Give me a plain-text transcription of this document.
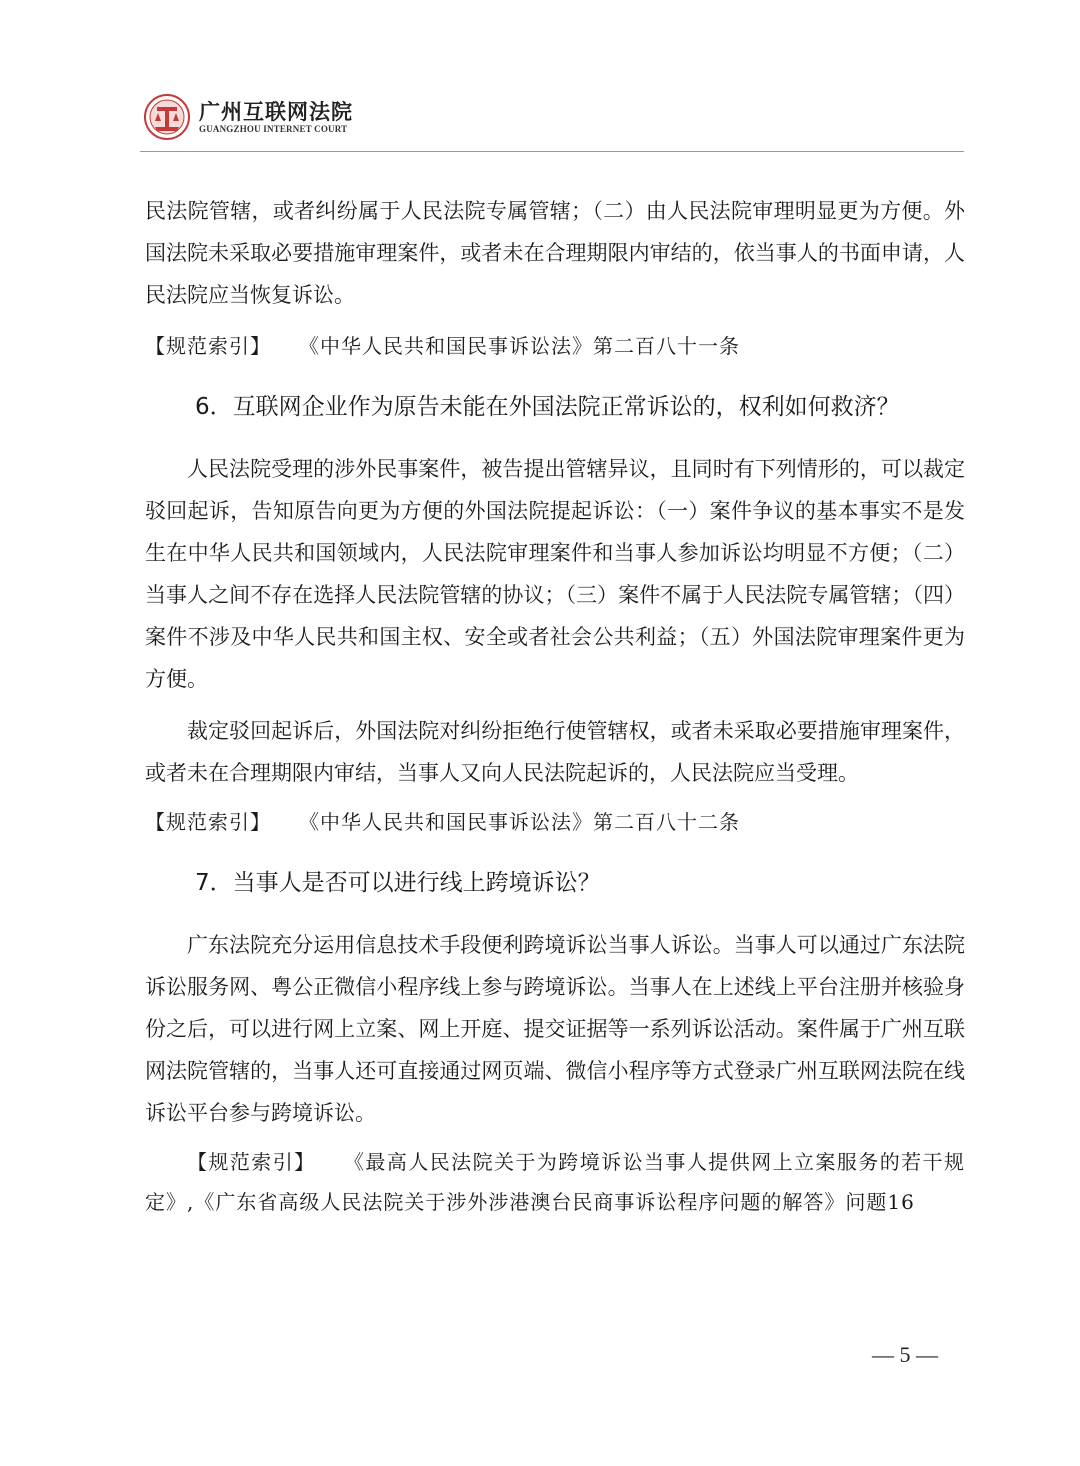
广州互联网法院
GUANGZHOU INTERNET COURT

民法院管辖，或者纠纷属于人民法院专属管辖；（二）由人民法院审理明显更为方便。外国法院未采取必要措施审理案件，或者未在合理期限内审结的，依当事人的书面申请，人民法院应当恢复诉讼。

【规范索引】 《中华人民共和国民事诉讼法》第二百八十一条

6．互联网企业作为原告未能在外国法院正常诉讼的，权利如何救济？

人民法院受理的涉外民事案件，被告提出管辖异议，且同时有下列情形的，可以裁定驳回起诉，告知原告向更为方便的外国法院提起诉讼：（一）案件争议的基本事实不是发生在中华人民共和国领域内，人民法院审理案件和当事人参加诉讼均明显不方便；（二）当事人之间不存在选择人民法院管辖的协议；（三）案件不属于人民法院专属管辖；（四）案件不涉及中华人民共和国主权、安全或者社会公共利益；（五）外国法院审理案件更为方便。

裁定驳回起诉后，外国法院对纠纷拒绝行使管辖权，或者未采取必要措施审理案件，或者未在合理期限内审结，当事人又向人民法院起诉的，人民法院应当受理。

【规范索引】 《中华人民共和国民事诉讼法》第二百八十二条

7．当事人是否可以进行线上跨境诉讼？

广东法院充分运用信息技术手段便利跨境诉讼当事人诉讼。当事人可以通过广东法院诉讼服务网、粤公正微信小程序线上参与跨境诉讼。当事人在上述线上平台注册并核验身份之后，可以进行网上立案、网上开庭、提交证据等一系列诉讼活动。案件属于广州互联网法院管辖的，当事人还可直接通过网页端、微信小程序等方式登录广州互联网法院在线诉讼平台参与跨境诉讼。

【规范索引】 《最高人民法院关于为跨境诉讼当事人提供网上立案服务的若干规定》,《广东省高级人民法院关于涉外涉港澳台民商事诉讼程序问题的解答》问题16

— 5 —
